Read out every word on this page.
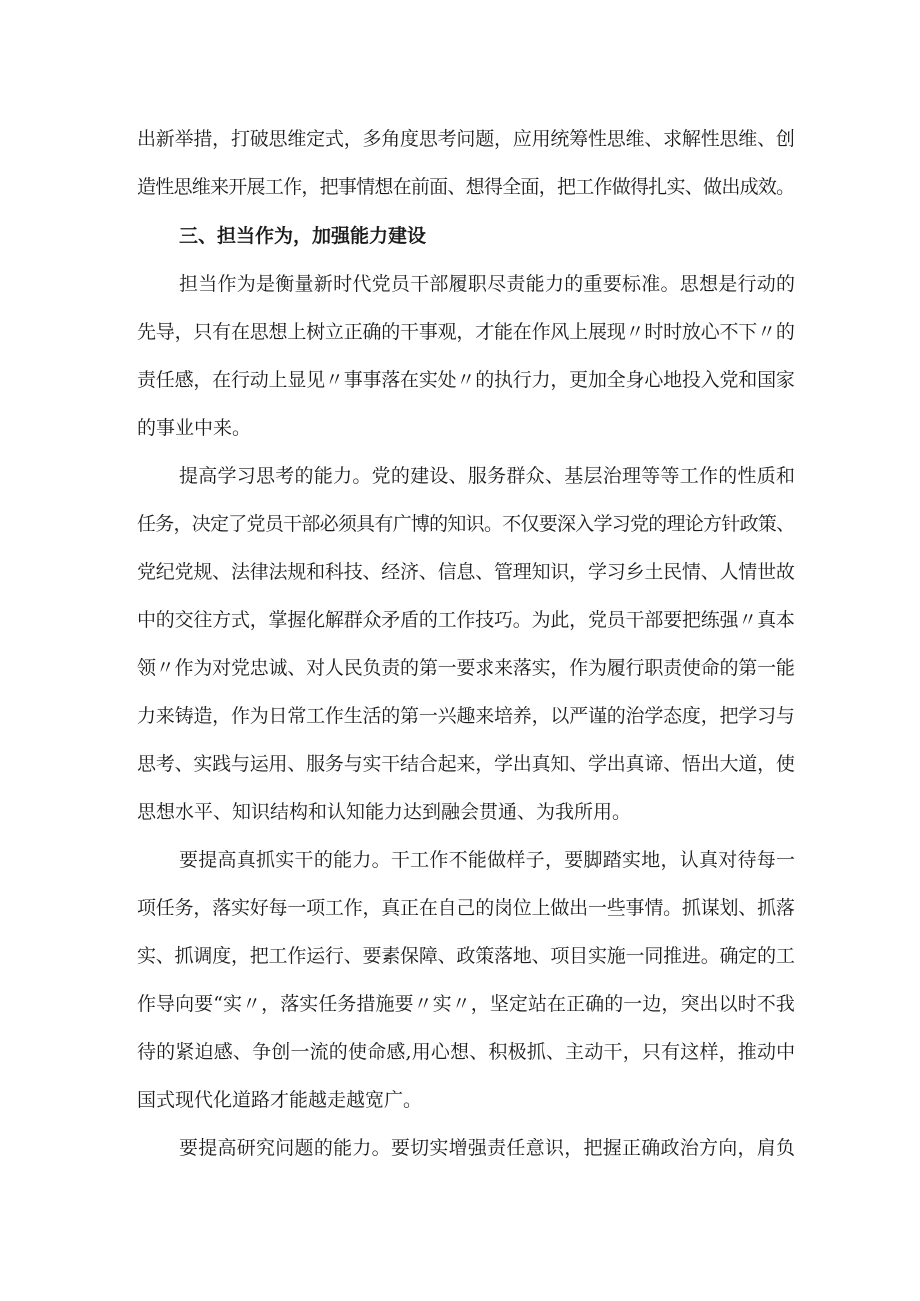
出新举措，打破思维定式，多角度思考问题，应用统筹性思维、求解性思维、创
造性思维来开展工作，把事情想在前面、想得全面，把工作做得扎实、做出成效。
三、担当作为，加强能力建设
担当作为是衡量新时代党员干部履职尽责能力的重要标准。思想是行动的
先导，只有在思想上树立正确的干事观，才能在作风上展现〃时时放心不下〃的
责任感，在行动上显见〃事事落在实处〃的执行力，更加全身心地投入党和国家
的事业中来。
提高学习思考的能力。党的建设、服务群众、基层治理等等工作的性质和
任务，决定了党员干部必须具有广博的知识。不仅要深入学习党的理论方针政策、
党纪党规、法律法规和科技、经济、信息、管理知识，学习乡土民情、人情世故
中的交往方式，掌握化解群众矛盾的工作技巧。为此，党员干部要把练强〃真本
领〃作为对党忠诚、对人民负责的第一要求来落实，作为履行职责使命的第一能
力来铸造，作为日常工作生活的第一兴趣来培养，以严谨的治学态度，把学习与
思考、实践与运用、服务与实干结合起来，学出真知、学出真谛、悟出大道，使
思想水平、知识结构和认知能力达到融会贯通、为我所用。
要提高真抓实干的能力。干工作不能做样子，要脚踏实地，认真对待每一
项任务，落实好每一项工作，真正在自己的岗位上做出一些事情。抓谋划、抓落
实、抓调度，把工作运行、要素保障、政策落地、项目实施一同推进。确定的工
作导向要“实〃，落实任务措施要〃实〃，坚定站在正确的一边，突出以时不我
待的紧迫感、争创一流的使命感,用心想、积极抓、主动干，只有这样，推动中
国式现代化道路才能越走越宽广。
要提高研究问题的能力。要切实增强责任意识，把握正确政治方向，肩负
